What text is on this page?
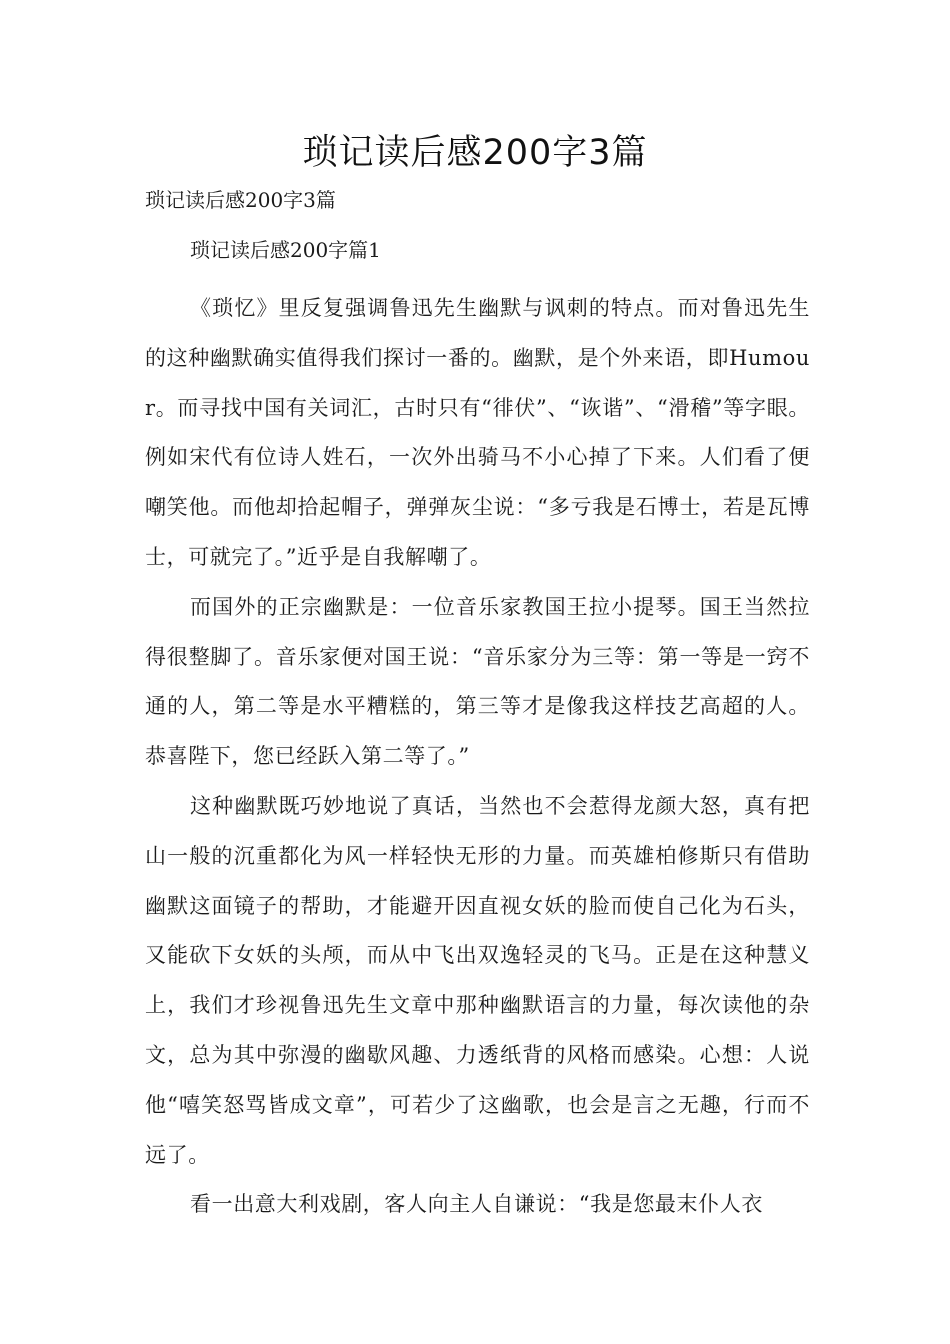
琐记读后感200字3篇

琐记读后感200字3篇

琐记读后感200字篇1

《琐忆》里反复强调鲁迅先生幽默与讽刺的特点。而对鲁迅先生的这种幽默确实值得我们探讨一番的。幽默，是个外来语，即Humour。而寻找中国有关词汇，古时只有“徘伏”、“诙谐”、“滑稽”等字眼。例如宋代有位诗人姓石，一次外出骑马不小心掉了下来。人们看了便嘲笑他。而他却拾起帽子，弹弹灰尘说：“多亏我是石博士，若是瓦博士，可就完了。”近乎是自我解嘲了。

而国外的正宗幽默是：一位音乐家教国王拉小提琴。国王当然拉得很整脚了。音乐家便对国王说：“音乐家分为三等：第一等是一窍不通的人，第二等是水平糟糕的，第三等才是像我这样技艺高超的人。恭喜陛下，您已经跃入第二等了。”

这种幽默既巧妙地说了真话，当然也不会惹得龙颜大怒，真有把山一般的沉重都化为风一样轻快无形的力量。而英雄柏修斯只有借助幽默这面镜子的帮助，才能避开因直视女妖的脸而使自己化为石头，又能砍下女妖的头颅，而从中飞出双逸轻灵的飞马。正是在这种慧义上，我们才珍视鲁迅先生文章中那种幽默语言的力量，每次读他的杂文，总为其中弥漫的幽歇风趣、力透纸背的风格而感染。心想：人说他“嘻笑怒骂皆成文章”，可若少了这幽歌，也会是言之无趣，行而不远了。

看一出意大利戏剧，客人向主人自谦说：“我是您最末仆人衣
